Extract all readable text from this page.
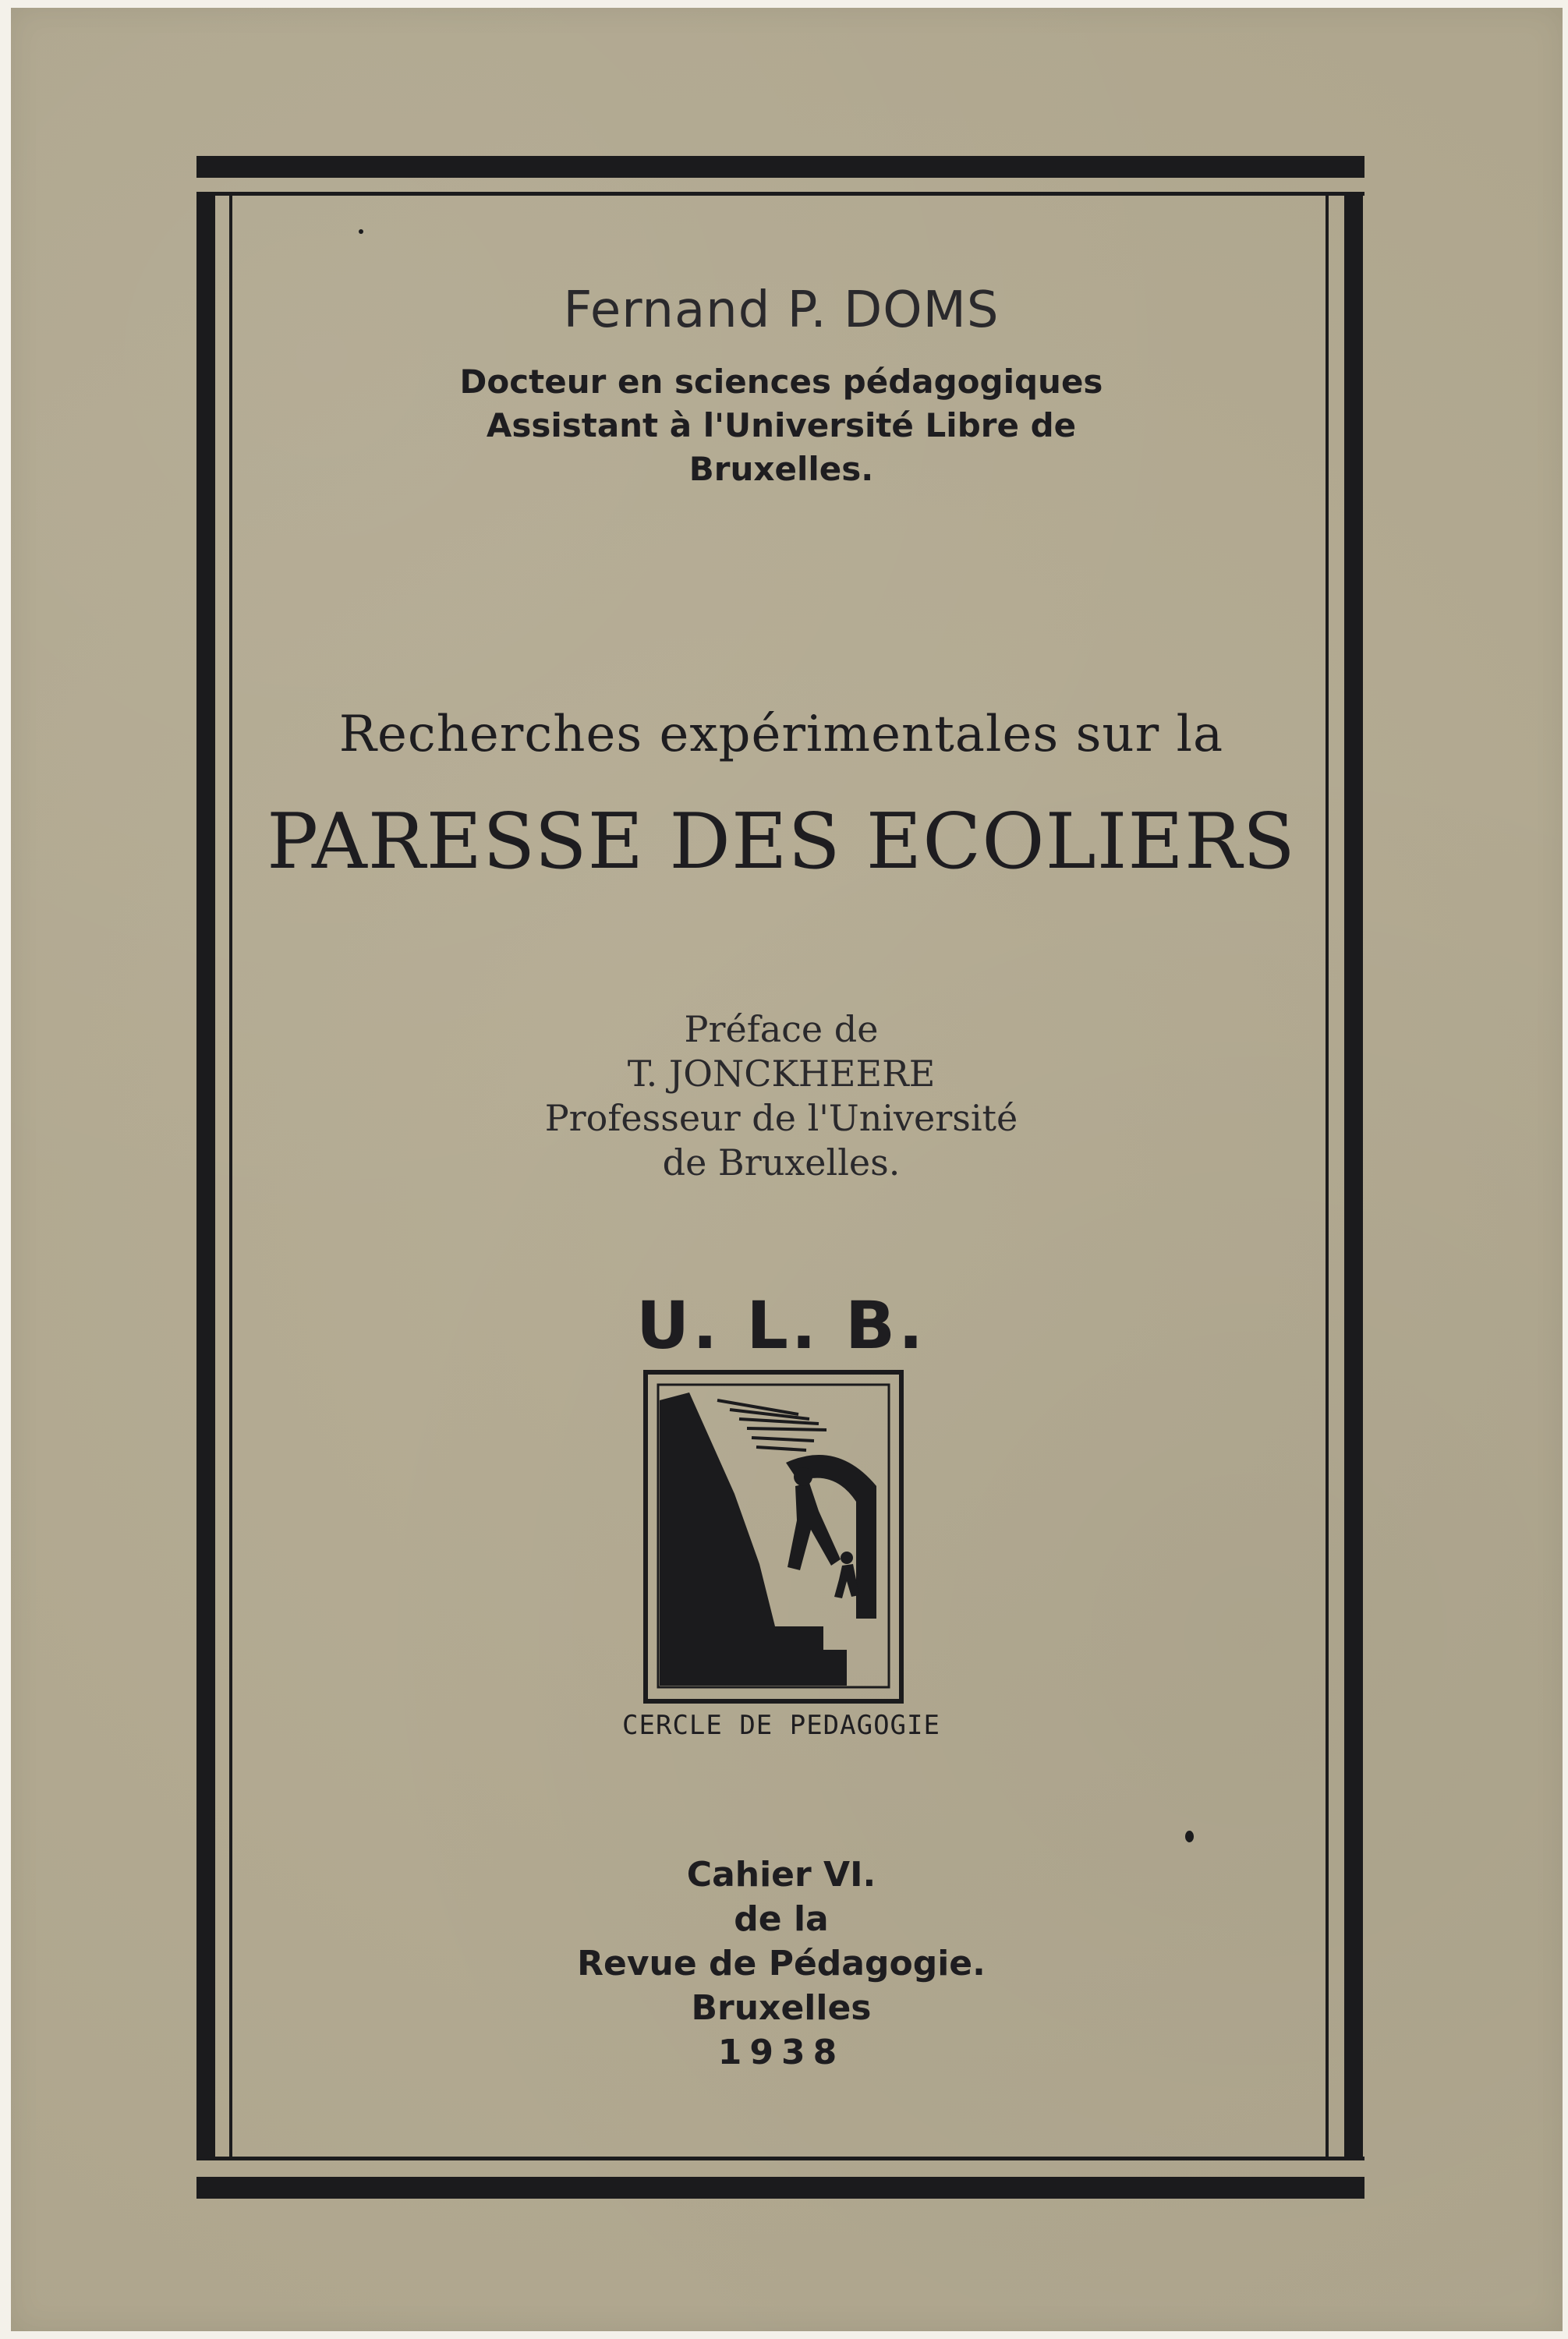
Fernand P. DOMS
Docteur en sciences pédagogiques
Assistant à l'Université Libre de
Bruxelles.
Recherches expérimentales sur la
PARESSE DES ECOLIERS
Préface de
T. JONCKHEERE
Professeur de l'Université
de Bruxelles.
U. L. B.
CERCLE DE PEDAGOGIE
Cahier VI.
de la
Revue de Pédagogie.
Bruxelles
1938
